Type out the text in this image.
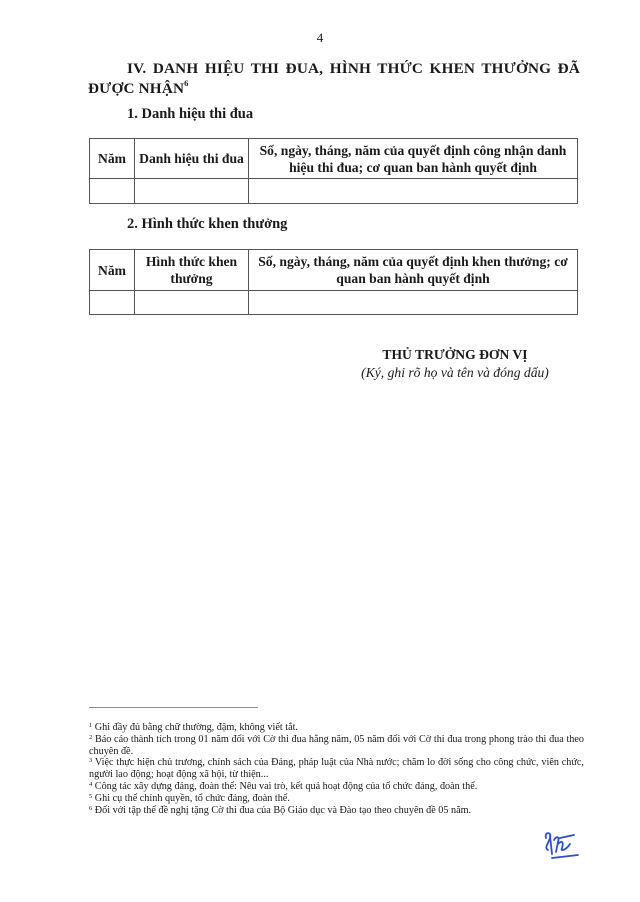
4
IV. DANH HIỆU THI ĐUA, HÌNH THỨC KHEN THƯỞNG ĐÃ
ĐƯỢC NHẬN$^6$
1. Danh hiệu thi đua
Năm	Danh hiệu thi đua	Số, ngày, tháng, năm của quyết định công nhận danh hiệu thi đua; cơ quan ban hành quyết định

2. Hình thức khen thưởng
Năm	Hình thức khen thưởng	Số, ngày, tháng, năm của quyết định khen thưởng; cơ quan ban hành quyết định

THỦ TRƯỞNG ĐƠN VỊ
(Ký, ghi rõ họ và tên và đóng dấu)

$^1$ Ghi đầy đủ bằng chữ thường, đậm, không viết tắt.

$^2$ Báo cáo thành tích trong 01 năm đối với Cờ thi đua hằng năm, 05 năm đối với Cờ thi đua trong phong trào thi đua theo chuyên đề.

$^3$ Việc thực hiện chủ trương, chính sách của Đảng, pháp luật của Nhà nước; chăm lo đời sống cho công chức, viên chức, người lao động; hoạt động xã hội, từ thiện...

$^4$ Công tác xây dựng đảng, đoàn thể: Nêu vai trò, kết quả hoạt động của tổ chức đảng, đoàn thể.

$^5$ Ghi cụ thể chính quyền, tổ chức đảng, đoàn thể.

$^6$ Đối với tập thể đề nghị tặng Cờ thi đua của Bộ Giáo dục và Đào tạo theo chuyên đề 05 năm.
